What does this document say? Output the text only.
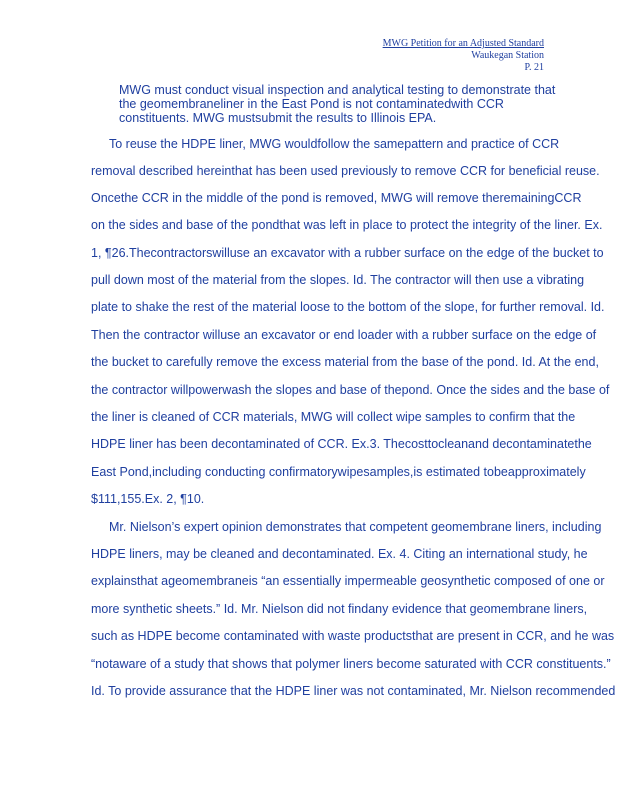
MWG Petition for an Adjusted Standard
Waukegan Station
P. 21
MWG must conduct visual inspection and analytical testing to demonstrate that
the geomembraneliner in the East Pond is not contaminatedwith CCR
constituents. MWG mustsubmit the results to Illinois EPA.
To reuse the HDPE liner, MWG wouldfollow the samepattern and practice of CCR
removal described hereinthat has been used previously to remove CCR for beneficial reuse.
Oncethe CCR in the middle of the pond is removed, MWG will remove theremainingCCR
on the sides and base of the pondthat was left in place to protect the integrity of the liner. Ex.
1, ¶26.Thecontractorswilluse an excavator with a rubber surface on the edge of the bucket to
pull down most of the material from the slopes. Id. The contractor will then use a vibrating
plate to shake the rest of the material loose to the bottom of the slope, for further removal. Id.
Then the contractor willuse an excavator or end loader with a rubber surface on the edge of
the bucket to carefully remove the excess material from the base of the pond. Id. At the end,
the contractor willpowerwash the slopes and base of thepond. Once the sides and the base of
the liner is cleaned of CCR materials, MWG will collect wipe samples to confirm that the
HDPE liner has been decontaminated of CCR. Ex.3. Thecosttocleanand decontaminatethe
East Pond,including conducting confirmatorywipesamples,is estimated tobeapproximately
$111,155.Ex. 2, ¶10.
Mr. Nielson’s expert opinion demonstrates that competent geomembrane liners, including
HDPE liners, may be cleaned and decontaminated. Ex. 4. Citing an international study, he
explainsthat ageomembraneis “an essentially impermeable geosynthetic composed of one or
more synthetic sheets.” Id. Mr. Nielson did not findany evidence that geomembrane liners,
such as HDPE become contaminated with waste productsthat are present in CCR, and he was
“notaware of a study that shows that polymer liners become saturated with CCR constituents.”
Id. To provide assurance that the HDPE liner was not contaminated, Mr. Nielson recommended
